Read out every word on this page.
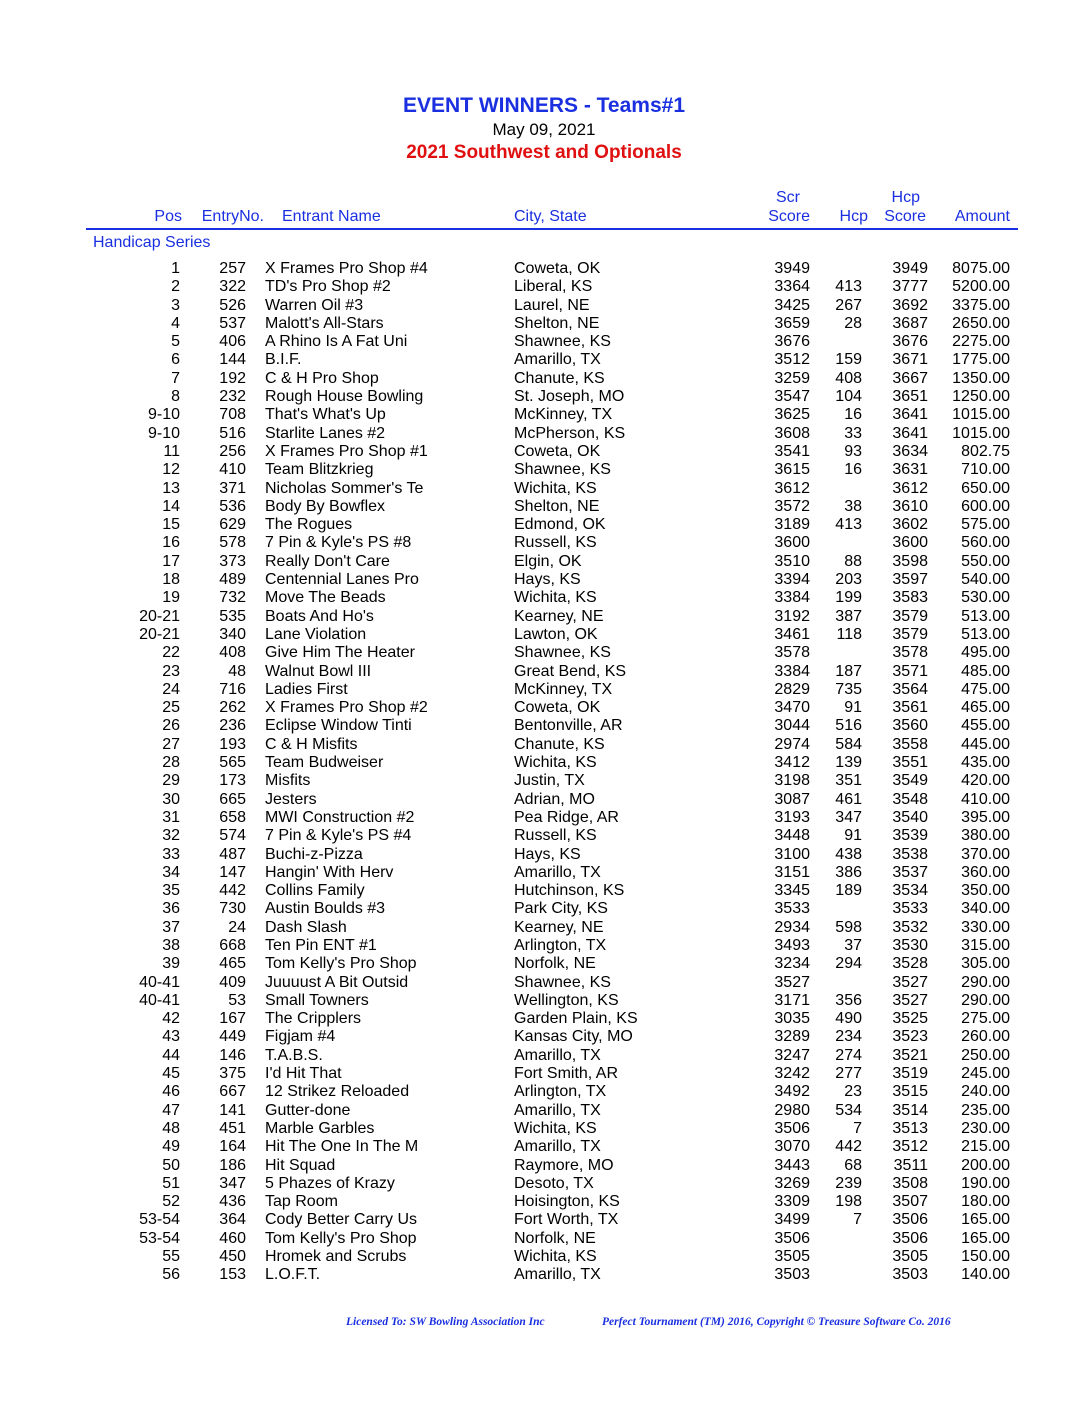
EVENT WINNERS - Teams#1
May 09, 2021
2021 Southwest and Optionals
Pos EntryNo. Entrant Name	City, State
Scr
Score Hcp
Hcp
Score Amount
Handicap Series
1 257 X Frames Pro Shop #4	Coweta, OK	3949	3949 8075.00
2 322 TD's Pro Shop #2	Liberal, KS	3364 413 3777 5200.00
3 526 Warren Oil #3	Laurel, NE	3425 267 3692 3375.00
4 537 Malott's All-Stars	Shelton, NE	3659 28 3687 2650.00
5 406 A Rhino Is A Fat Uni	Shawnee, KS	3676	3676 2275.00
6 144 B.I.F.	Amarillo, TX	3512 159 3671 1775.00
7 192 C & H Pro Shop	Chanute, KS	3259 408 3667 1350.00
8 232 Rough House Bowling	St. Joseph, MO	3547 104 3651 1250.00
9-10 708 That's What's Up	McKinney, TX	3625 16 3641 1015.00
9-10 516 Starlite Lanes #2	McPherson, KS	3608 33 3641 1015.00
11 256 X Frames Pro Shop #1	Coweta, OK	3541 93 3634 802.75
12 410 Team Blitzkrieg	Shawnee, KS	3615 16 3631 710.00
13 371 Nicholas Sommer's Te	Wichita, KS	3612	3612 650.00
14 536 Body By Bowflex	Shelton, NE	3572 38 3610 600.00
15 629 The Rogues	Edmond, OK	3189 413 3602 575.00
16 578 7 Pin & Kyle's PS #8	Russell, KS	3600	3600 560.00
17 373 Really Don't Care	Elgin, OK	3510 88 3598 550.00
18 489 Centennial Lanes Pro	Hays, KS	3394 203 3597 540.00
19 732 Move The Beads	Wichita, KS	3384 199 3583 530.00
20-21 535 Boats And Ho's	Kearney, NE	3192 387 3579 513.00
20-21 340 Lane Violation	Lawton, OK	3461 118 3579 513.00
22 408 Give Him The Heater	Shawnee, KS	3578	3578 495.00
23	48 Walnut Bowl III	Great Bend, KS	3384 187 3571 485.00
24 716 Ladies First	McKinney, TX	2829 735 3564 475.00
25 262 X Frames Pro Shop #2	Coweta, OK	3470 91 3561 465.00
26 236 Eclipse Window Tinti	Bentonville, AR	3044 516 3560 455.00
27 193 C & H Misfits	Chanute, KS	2974 584 3558 445.00
28 565 Team Budweiser	Wichita, KS	3412 139 3551 435.00
29 173 Misfits	Justin, TX	3198 351 3549 420.00
30 665 Jesters	Adrian, MO	3087 461 3548 410.00
31 658 MWI Construction #2	Pea Ridge, AR	3193 347 3540 395.00
32 574 7 Pin & Kyle's PS #4	Russell, KS	3448 91 3539 380.00
33 487 Buchi-z-Pizza	Hays, KS	3100 438 3538 370.00
34 147 Hangin' With Herv	Amarillo, TX	3151 386 3537 360.00
35 442 Collins Family	Hutchinson, KS	3345 189 3534 350.00
36 730 Austin Boulds #3	Park City, KS	3533	3533 340.00
37	24 Dash Slash	Kearney, NE	2934 598 3532 330.00
38 668 Ten Pin ENT #1	Arlington, TX	3493 37 3530 315.00
39 465 Tom Kelly's Pro Shop	Norfolk, NE	3234 294 3528 305.00
40-41 409 Juuuust A Bit Outsid	Shawnee, KS	3527	3527 290.00
40-41	53 Small Towners	Wellington, KS	3171 356 3527 290.00
42 167 The Cripplers	Garden Plain, KS	3035 490 3525 275.00
43 449 Figjam #4	Kansas City, MO	3289 234 3523 260.00
44 146 T.A.B.S.	Amarillo, TX	3247 274 3521 250.00
45 375 I'd Hit That	Fort Smith, AR	3242 277 3519 245.00
46 667 12 Strikez Reloaded	Arlington, TX	3492 23 3515 240.00
47 141 Gutter-done	Amarillo, TX	2980 534 3514 235.00
48 451 Marble Garbles	Wichita, KS	3506	7 3513 230.00
49 164 Hit The One In The M	Amarillo, TX	3070 442 3512 215.00
50 186 Hit Squad	Raymore, MO	3443 68 3511 200.00
51 347 5 Phazes of Krazy	Desoto, TX	3269 239 3508 190.00
52 436 Tap Room	Hoisington, KS	3309 198 3507 180.00
53-54 364 Cody Better Carry Us	Fort Worth, TX	3499	7 3506 165.00
53-54 460 Tom Kelly's Pro Shop	Norfolk, NE	3506	3506 165.00
55 450 Hromek and Scrubs	Wichita, KS	3505	3505 150.00
56 153 L.O.F.T.	Amarillo, TX	3503	3503 140.00
Licensed To: SW Bowling Association Inc	Perfect Tournament (TM) 2016, Copyright © Treasure Software Co. 2016
